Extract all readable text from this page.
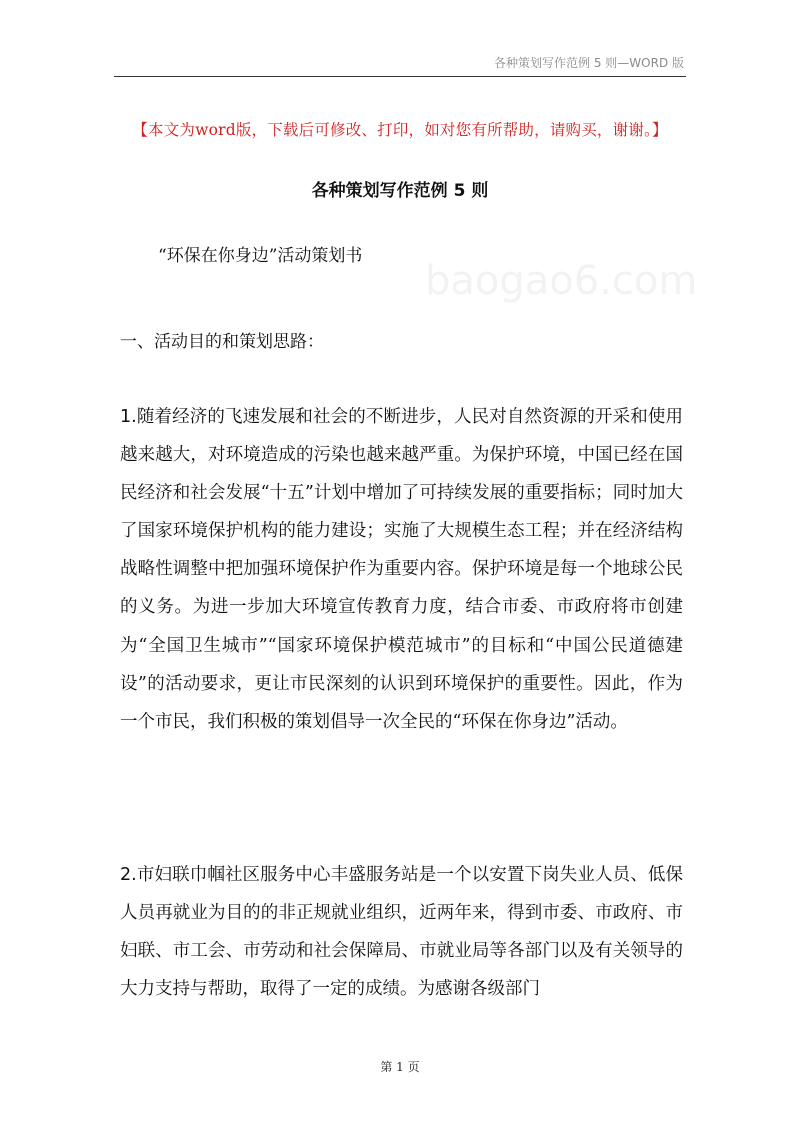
各种策划写作范例 5 则—WORD 版
【本文为word版，下载后可修改、打印，如对您有所帮助，请购买，谢谢。】
各种策划写作范例 5 则
“环保在你身边”活动策划书
一、活动目的和策划思路：
1.随着经济的飞速发展和社会的不断进步，人民对自然资源的开采和使用越来越大，对环境造成的污染也越来越严重。为保护环境，中国已经在国民经济和社会发展“十五”计划中增加了可持续发展的重要指标；同时加大了国家环境保护机构的能力建设；实施了大规模生态工程；并在经济结构战略性调整中把加强环境保护作为重要内容。保护环境是每一个地球公民的义务。为进一步加大环境宣传教育力度，结合市委、市政府将市创建为“全国卫生城市”“国家环境保护模范城市”的目标和“中国公民道德建设”的活动要求，更让市民深刻的认识到环境保护的重要性。因此，作为一个市民，我们积极的策划倡导一次全民的“环保在你身边”活动。
2.市妇联巾帼社区服务中心丰盛服务站是一个以安置下岗失业人员、低保人员再就业为目的的非正规就业组织，近两年来，得到市委、市政府、市妇联、市工会、市劳动和社会保障局、市就业局等各部门以及有关领导的大力支持与帮助，取得了一定的成绩。为感谢各级部门
baogao6.com
第 1 页
